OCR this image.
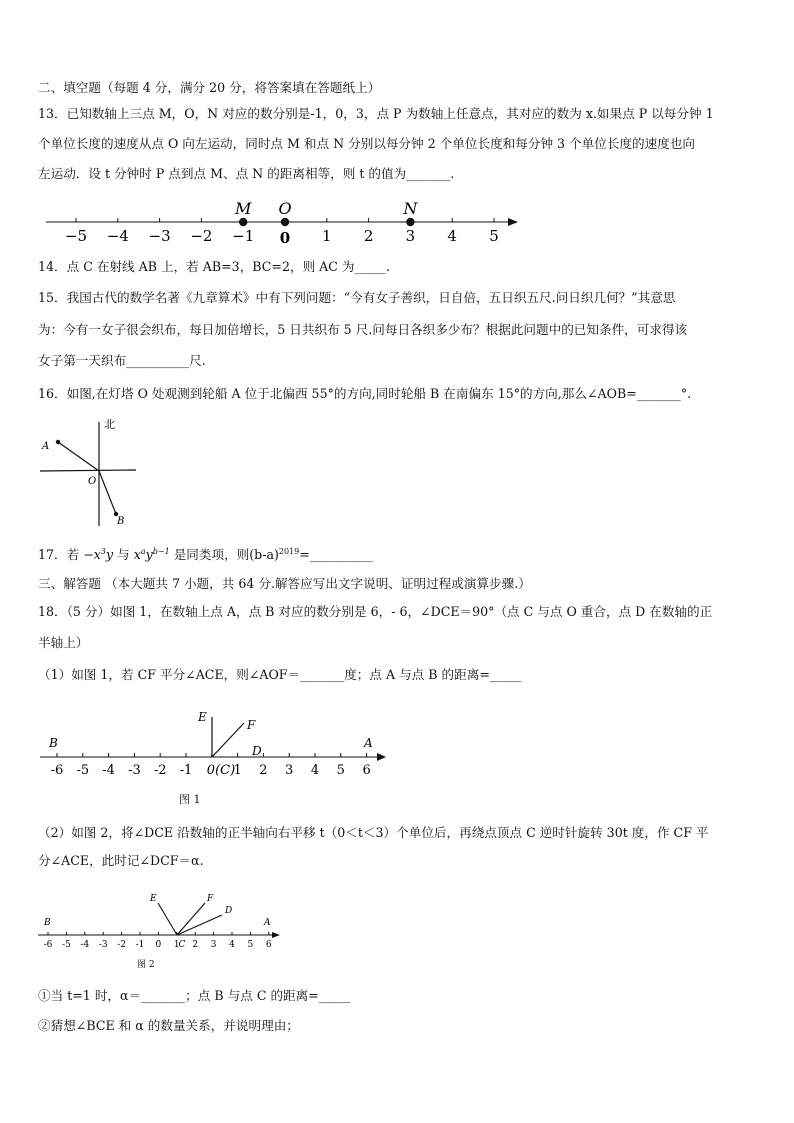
二、填空题（每题 4 分，满分 20 分，将答案填在答题纸上）
13．已知数轴上三点 M，O，N 对应的数分别是-1，0，3，点 P 为数轴上任意点，其对应的数为 x.如果点 P 以每分钟 1
个单位长度的速度从点 O 向左运动，同时点 M 和点 N 分别以每分钟 2 个单位长度和每分钟 3 个单位长度的速度也向
左运动．设 t 分钟时 P 点到点 M、点 N 的距离相等，则 t 的值为_______.
−5 −4 −3 −2 −1 0 1 2 3 4 5
M O	N
14．点 C 在射线 AB 上，若 AB=3，BC=2，则 AC 为_____.
15．我国古代的数学名著《九章算术》中有下列问题：“今有女子善织，日自倍，五日织五尺.问日织几何？”其意思
为：今有一女子很会织布，每日加倍增长，5 日共织布 5 尺.问每日各织多少布？根据此问题中的已知条件，可求得该
女子第一天织布__________尺.
16．如图,在灯塔 O 处观测到轮船 A 位于北偏西 55°的方向,同时轮船 B 在南偏东 15°的方向,那么∠AOB=_______°.
北
A
O
B
17．若 $-x^3y$ 与 $x^ay^{b-1}$ 是同类项，则$(b-a)^{2019}=\_\_\_\_\_\_\_\_\_\_$
三、解答题 （本大题共 7 小题，共 64 分.解答应写出文字说明、证明过程或演算步骤.）
18．（5 分）如图 1，在数轴上点 A，点 B 对应的数分别是 6，- 6，∠DCE＝90°（点 C 与点 O 重合，点 D 在数轴的正
半轴上）
（1）如图 1，若 CF 平分∠ACE，则∠AOF＝_______度；点 A 与点 B 的距离=_____
E
F
D
B	A
-6 -5 -4 -3 -2 -1 0(C)
1 2 3 4 5 6
图 1
（2）如图 2，将∠DCE 沿数轴的正半轴向右平移 t（0＜t＜3）个单位后，再绕点顶点 C 逆时针旋转 30t 度，作 CF 平
分∠ACE，此时记∠DCF＝α.
E	F
D
B	A
-6 -5 -4 -3 -2 -1 0 1 2 3 4 5 6
C
图 2
①当 t=1 时，α＝_______；点 B 与点 C 的距离=_____
②猜想∠BCE 和 α 的数量关系，并说明理由；
